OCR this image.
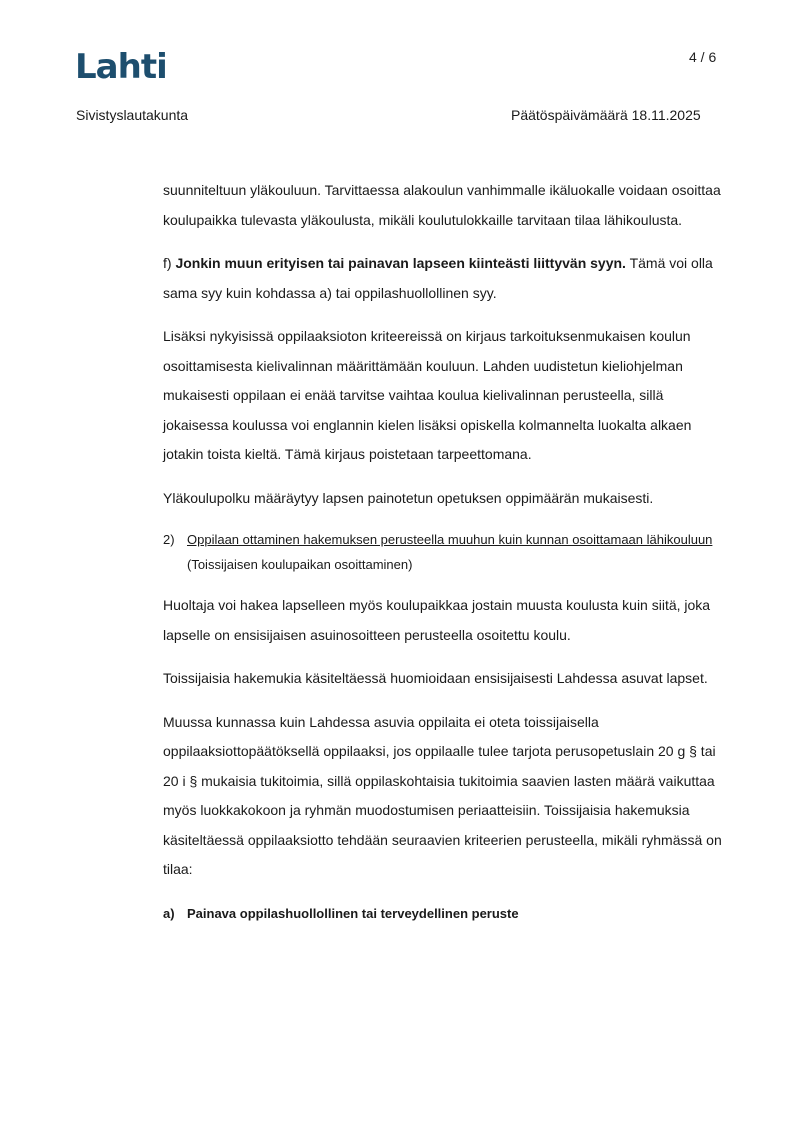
Lahti	4 / 6
Sivistyslautakunta	Päätöspäivämäärä 18.11.2025

suunniteltuun yläkouluun. Tarvittaessa alakoulun vanhimmalle ikäluokalle voidaan osoittaa koulupaikka tulevasta yläkoulusta, mikäli koulutulokkaille tarvitaan tilaa lähikoulusta.

f) Jonkin muun erityisen tai painavan lapseen kiinteästi liittyvän syyn. Tämä voi olla sama syy kuin kohdassa a) tai oppilashuollollinen syy.

Lisäksi nykyisissä oppilaaksioton kriteereissä on kirjaus tarkoituksenmukaisen koulun osoittamisesta kielivalinnan määrittämään kouluun. Lahden uudistetun kieliohjelman mukaisesti oppilaan ei enää tarvitse vaihtaa koulua kielivalinnan perusteella, sillä jokaisessa koulussa voi englannin kielen lisäksi opiskella kolmannelta luokalta alkaen jotakin toista kieltä. Tämä kirjaus poistetaan tarpeettomana.

Yläkoulupolku määräytyy lapsen painotetun opetuksen oppimäärän mukaisesti.

2) Oppilaan ottaminen hakemuksen perusteella muuhun kuin kunnan osoittamaan lähikouluun (Toissijaisen koulupaikan osoittaminen)

Huoltaja voi hakea lapselleen myös koulupaikkaa jostain muusta koulusta kuin siitä, joka lapselle on ensisijaisen asuinosoitteen perusteella osoitettu koulu.

Toissijaisia hakemukia käsiteltäessä huomioidaan ensisijaisesti Lahdessa asuvat lapset.

Muussa kunnassa kuin Lahdessa asuvia oppilaita ei oteta toissijaisella oppilaaksiottopäätöksellä oppilaaksi, jos oppilaalle tulee tarjota perusopetuslain 20 g § tai 20 i § mukaisia tukitoimia, sillä oppilaskohtaisia tukitoimia saavien lasten määrä vaikuttaa myös luokkakokoon ja ryhmän muodostumisen periaatteisiin. Toissijaisia hakemuksia käsiteltäessä oppilaaksiotto tehdään seuraavien kriteerien perusteella, mikäli ryhmässä on tilaa:

a) Painava oppilashuollollinen tai terveydellinen peruste
